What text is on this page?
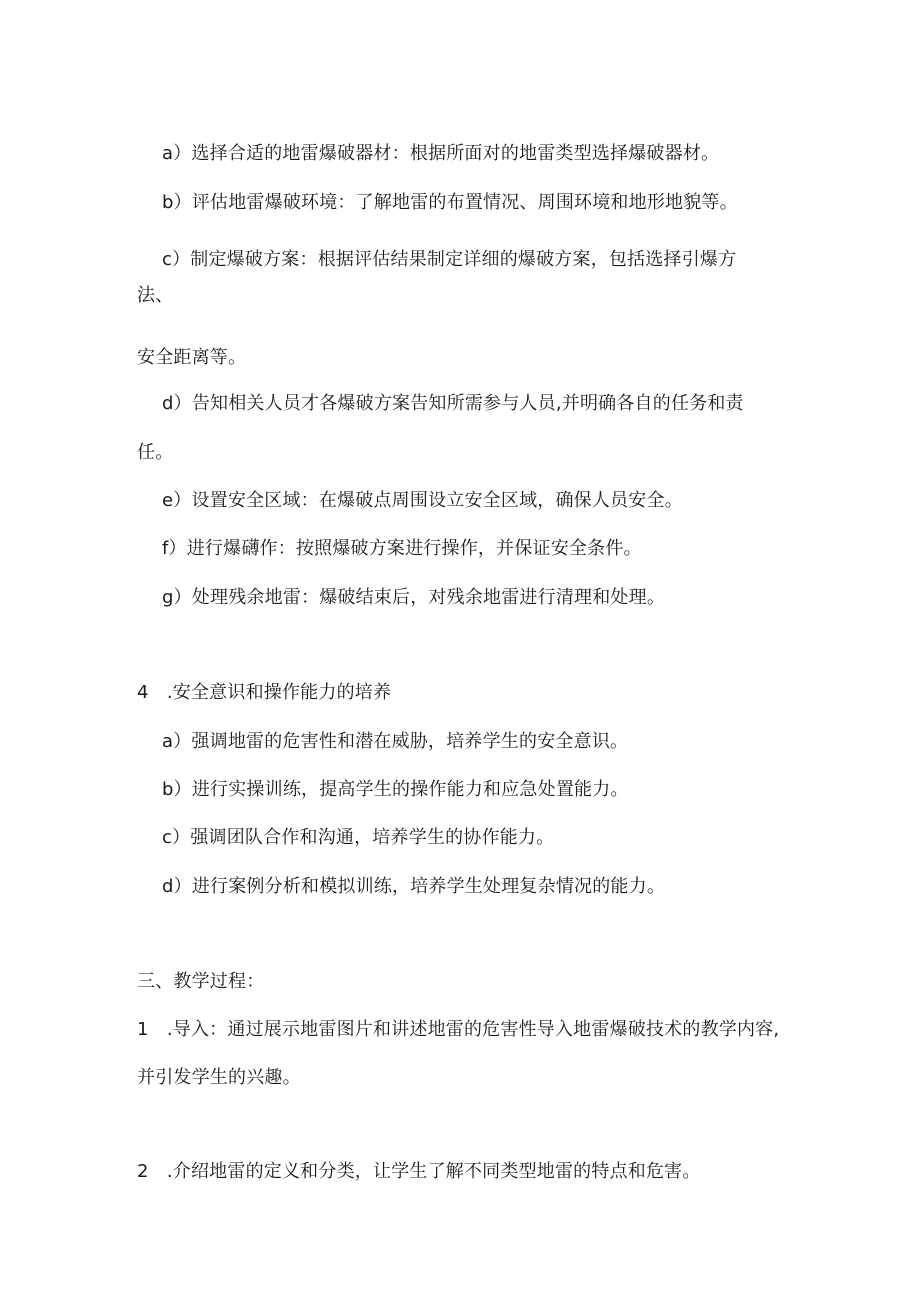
a）选择合适的地雷爆破器材：根据所面对的地雷类型选择爆破器材。
b）评估地雷爆破环境：了解地雷的布置情况、周围环境和地形地貌等。
c）制定爆破方案：根据评估结果制定详细的爆破方案，包括选择引爆方
法、
安全距离等。
d）告知相关人员才各爆破方案告知所需参与人员,并明确各自的任务和责
任。
e）设置安全区域：在爆破点周围设立安全区域，确保人员安全。
f）进行爆礴作：按照爆破方案进行操作，并保证安全条件。
g）处理残余地雷：爆破结束后，对残余地雷进行清理和处理。
4　.安全意识和操作能力的培养
a）强调地雷的危害性和潜在威胁，培养学生的安全意识。
b）进行实操训练，提高学生的操作能力和应急处置能力。
c）强调团队合作和沟通，培养学生的协作能力。
d）进行案例分析和模拟训练，培养学生处理复杂情况的能力。
三、教学过程：
1　.导入：通过展示地雷图片和讲述地雷的危害性导入地雷爆破技术的教学内容,
并引发学生的兴趣。
2　.介绍地雷的定义和分类，让学生了解不同类型地雷的特点和危害。
